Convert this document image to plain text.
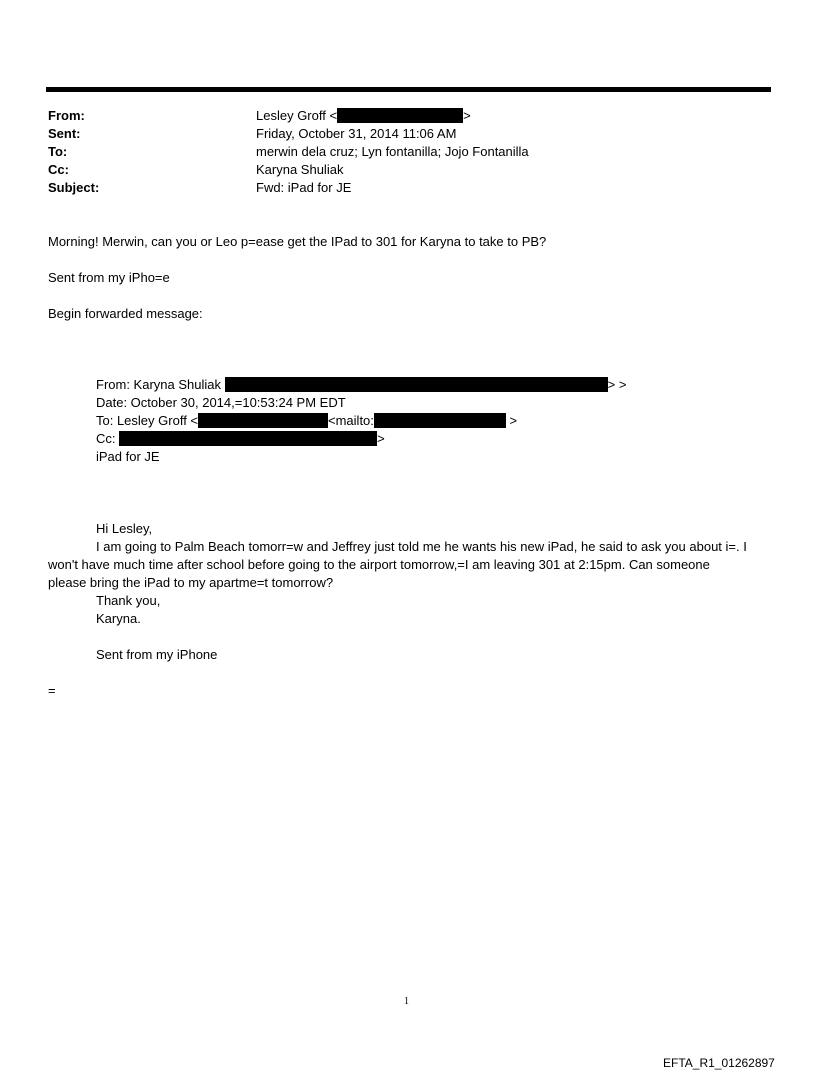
From:	Lesley Groff <	>
Sent:	Friday, October 31, 2014 11:06 AM
To:	merwin dela cruz; Lyn fontanilla; Jojo Fontanilla
Cc:	Karyna Shuliak
Subject:	Fwd: iPad for JE
Morning! Merwin, can you or Leo p=ease get the IPad to 301 for Karyna to take to PB?
Sent from my iPho=e
Begin forwarded message:
From: Karyna Shuliak	> >
Date: October 30, 2014,=10:53:24 PM EDT
To: Lesley Groff <	<mailto:	>
Cc:	>
iPad for JE
Hi Lesley,
I am going to Palm Beach tomorr=w and Jeffrey just told me he wants his new iPad, he said to ask you about i=. I
won't have much time after school before going to the airport tomorrow,=I am leaving 301 at 2:15pm. Can someone
please bring the iPad to my apartme=t tomorrow?
Thank you,
Karyna.
Sent from my iPhone
=
1
EFTA_R1_01262897
